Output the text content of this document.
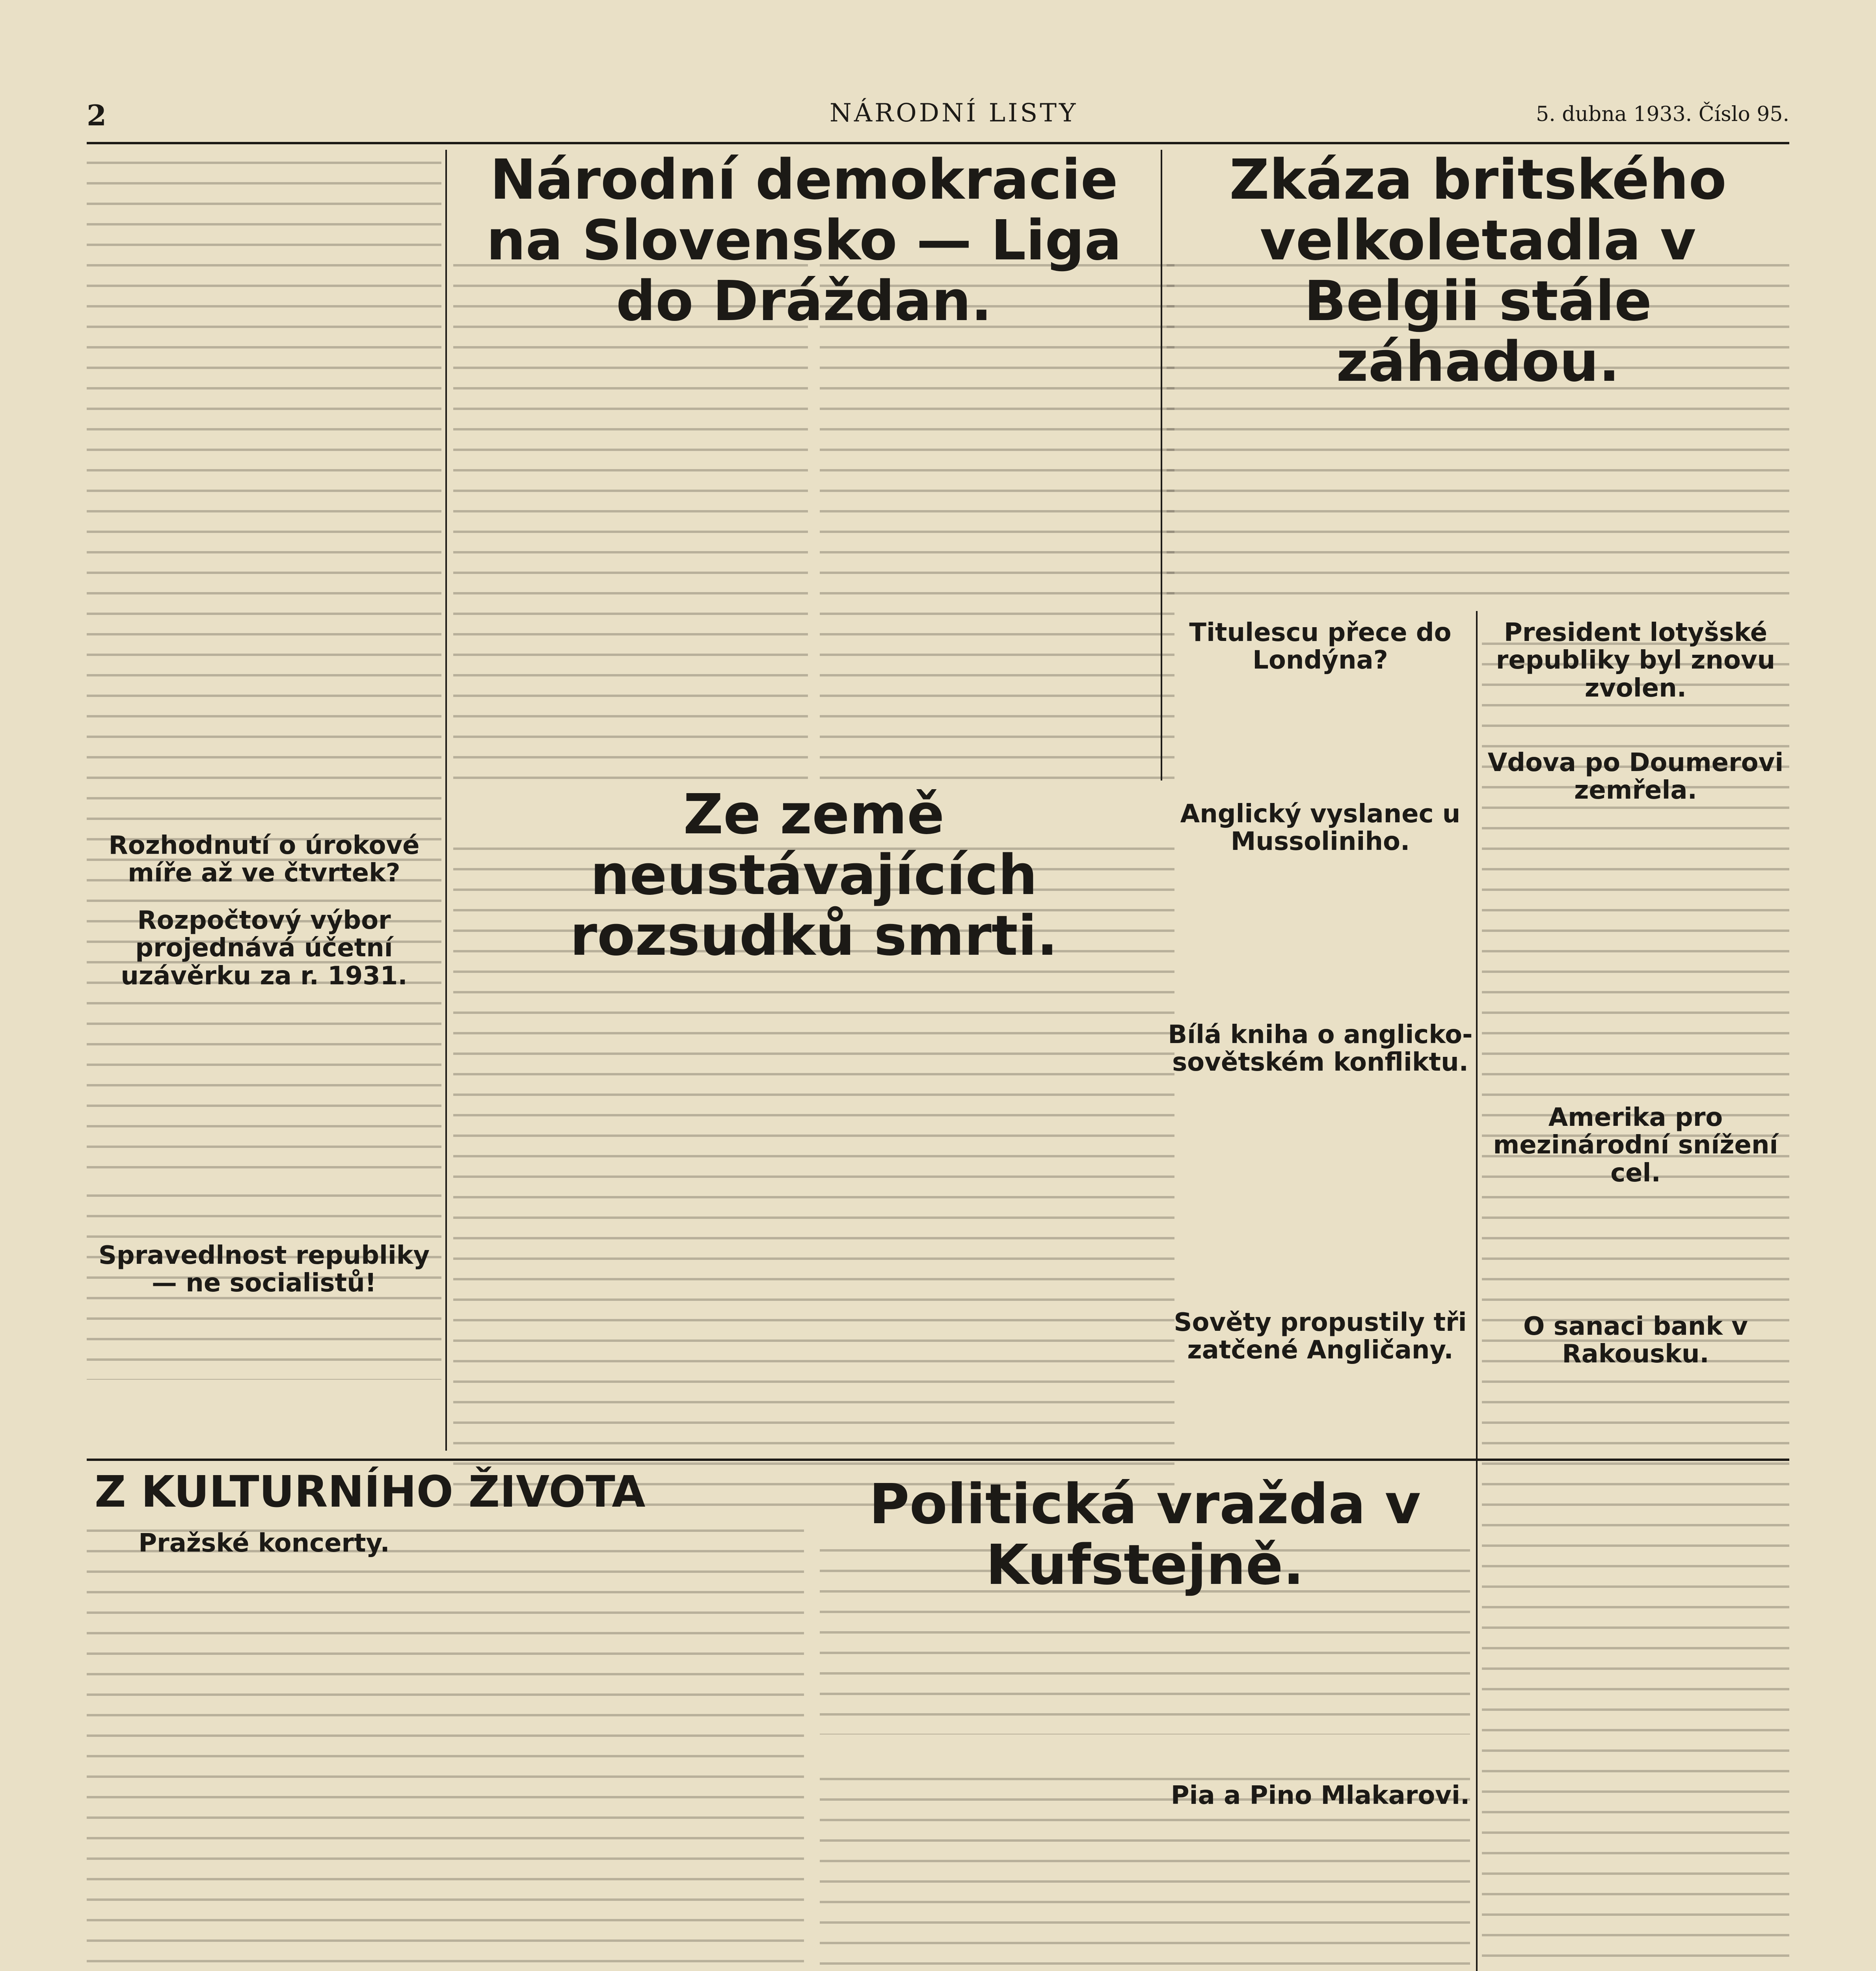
2	NÁRODNÍ LISTY	5. dubna 1933. Číslo 95.
Národní demokracie na Slovensko — Liga do Dráždan.
Zkáza britského velkoletadla v Belgii stále záhadou.
Ze země neustávajících rozsudků smrti.
Politická vražda v Kufstejně.
Titulescu přece do Londýna?
Anglický vyslanec u Mussoliniho.
Bílá kniha o anglicko-sovětském konfliktu.
Sověty propustily tři zatčené Angličany.
President lotyšské republiky byl znovu zvolen.
Vdova po Doumerovi zemřela.
Amerika pro mezinárodní snížení cel.
O sanaci bank v Rakousku.
Rozhodnutí o úrokové míře až ve čtvrtek?
Rozpočtový výbor projednává účetní uzávěrku za r. 1931.
Spravedlnost republiky — ne socialistů!
Z KULTURNÍHO ŽIVOTA
Pražské koncerty.
Pia a Pino Mlakarovi.
